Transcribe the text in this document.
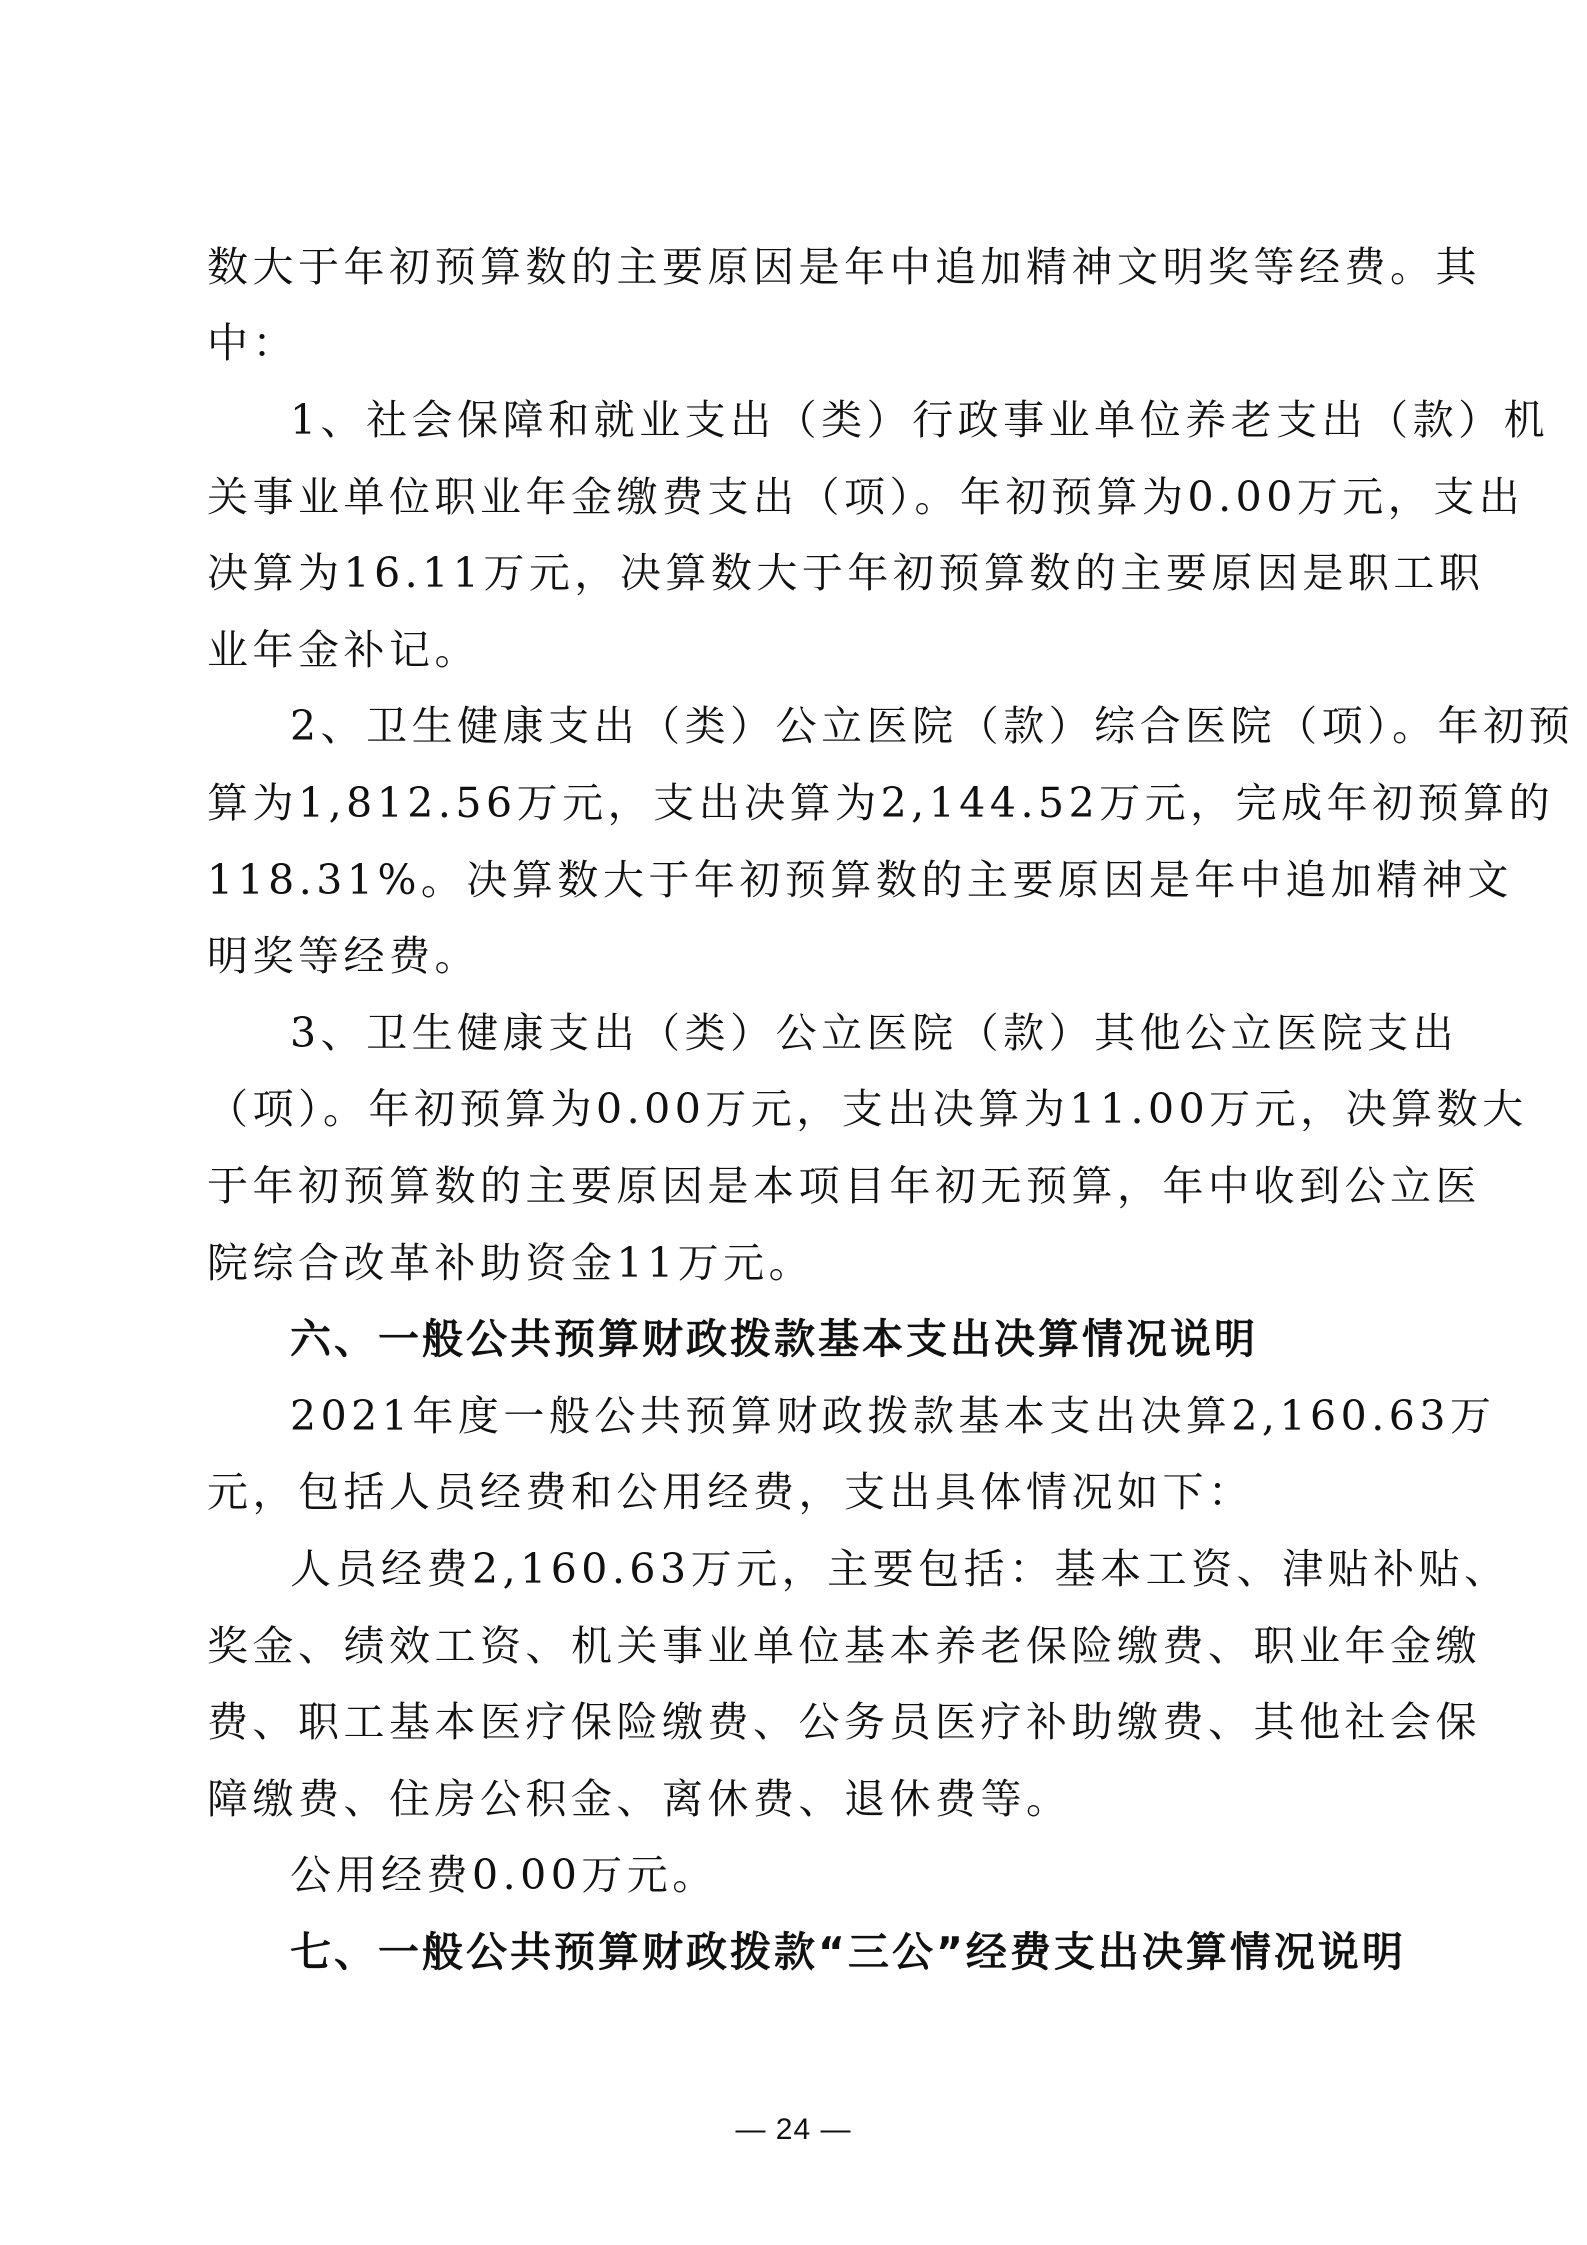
数大于年初预算数的主要原因是年中追加精神文明奖等经费。其
中：
1、社会保障和就业支出（类）行政事业单位养老支出（款）机
关事业单位职业年金缴费支出（项）。年初预算为0.00万元，支出
决算为16.11万元，决算数大于年初预算数的主要原因是职工职
业年金补记。
2、卫生健康支出（类）公立医院（款）综合医院（项）。年初预
算为1,812.56万元，支出决算为2,144.52万元，完成年初预算的
118.31%。决算数大于年初预算数的主要原因是年中追加精神文
明奖等经费。
3、卫生健康支出（类）公立医院（款）其他公立医院支出
（项）。年初预算为0.00万元，支出决算为11.00万元，决算数大
于年初预算数的主要原因是本项目年初无预算，年中收到公立医
院综合改革补助资金11万元。
六、一般公共预算财政拨款基本支出决算情况说明
2021年度一般公共预算财政拨款基本支出决算2,160.63万
元，包括人员经费和公用经费，支出具体情况如下：
人员经费2,160.63万元，主要包括：基本工资、津贴补贴、
奖金、绩效工资、机关事业单位基本养老保险缴费、职业年金缴
费、职工基本医疗保险缴费、公务员医疗补助缴费、其他社会保
障缴费、住房公积金、离休费、退休费等。
公用经费0.00万元。
七、一般公共预算财政拨款“三公”经费支出决算情况说明
— 24 —
